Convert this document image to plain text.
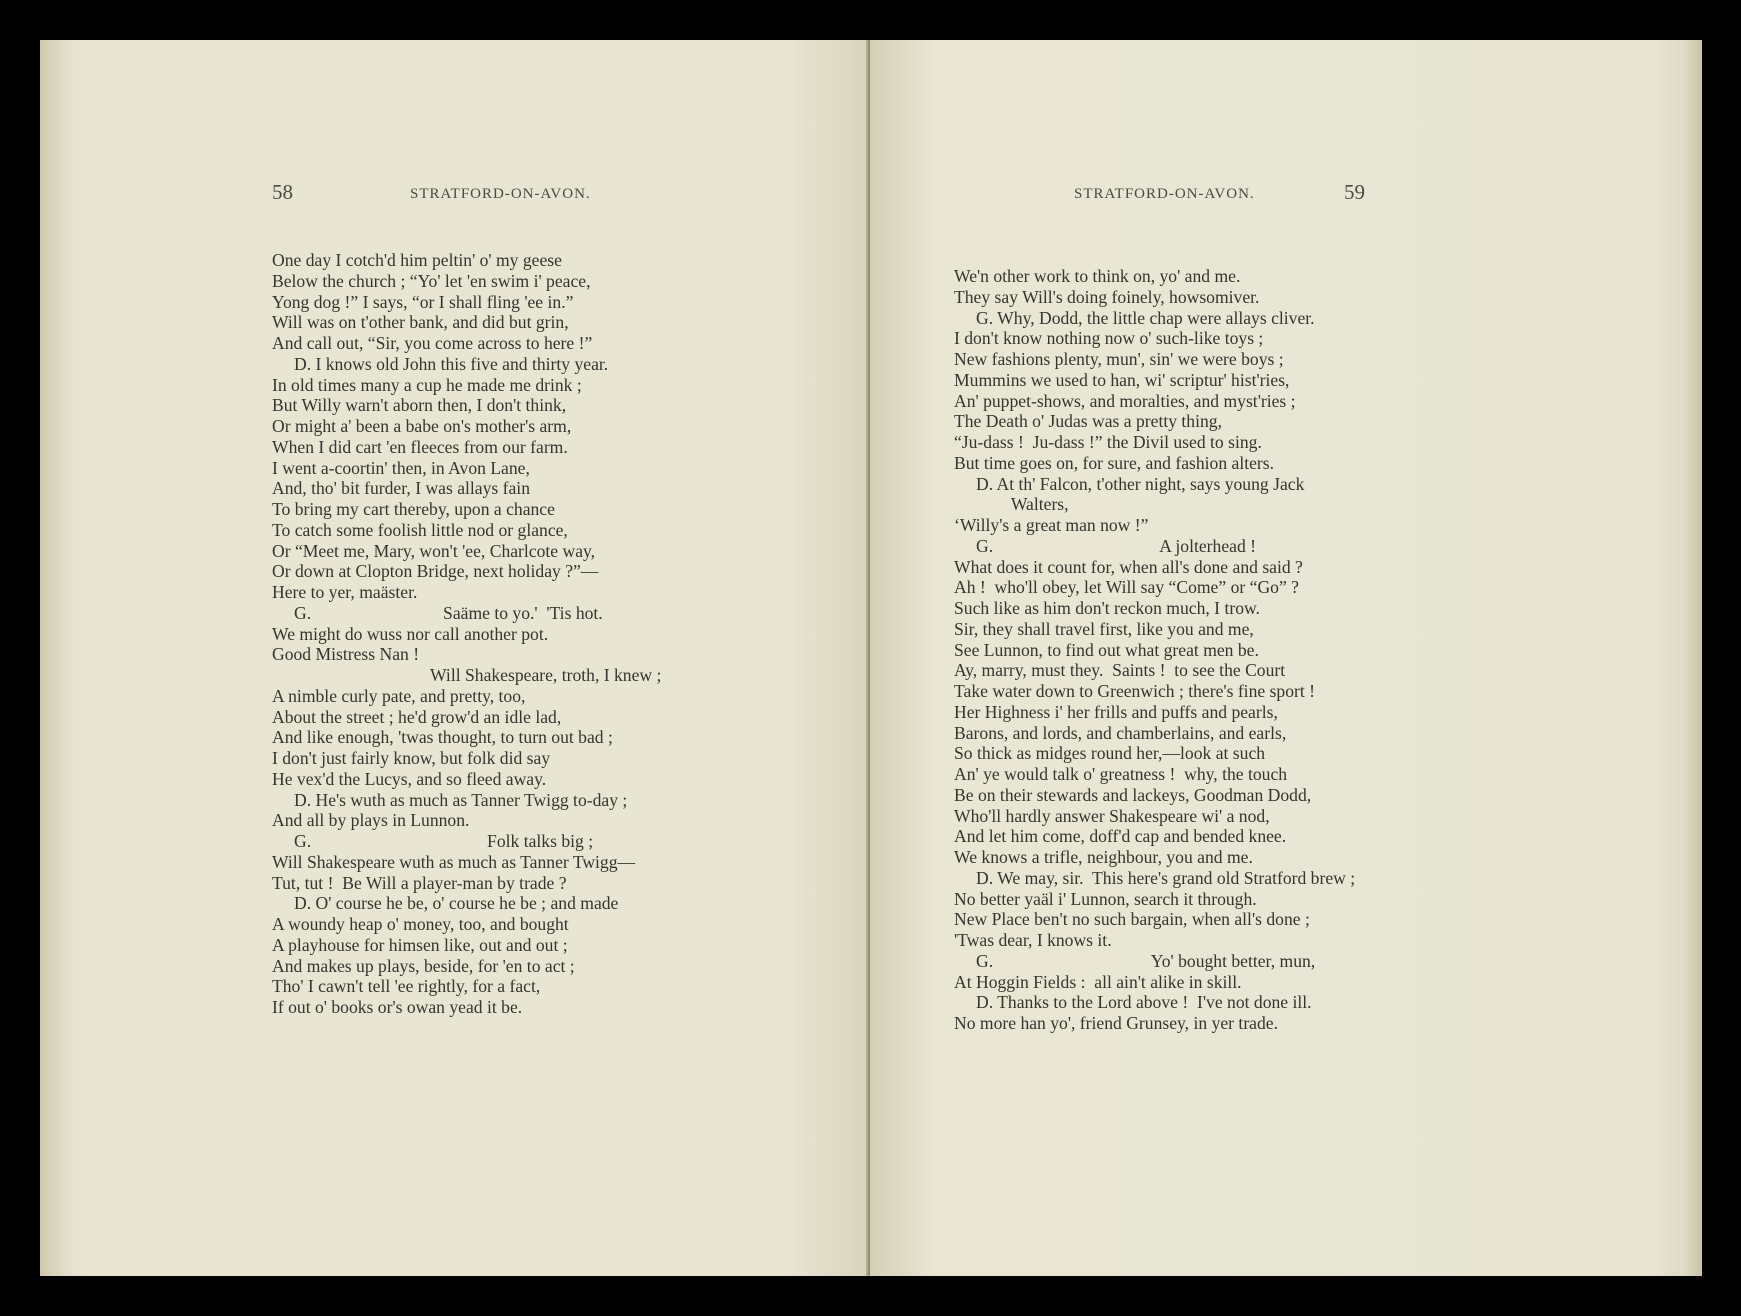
58	STRATFORD-ON-AVON.
One day I cotch'd him peltin' o' my geese
Below the church ; “Yo' let 'en swim i' peace,
Yong dog !” I says, “or I shall fling 'ee in.”
Will was on t'other bank, and did but grin,
And call out, “Sir, you come across to here !”
D. I knows old John this five and thirty year.
In old times many a cup he made me drink ;
But Willy warn't aborn then, I don't think,
Or might a' been a babe on's mother's arm,
When I did cart 'en fleeces from our farm.
I went a-coortin' then, in Avon Lane,
And, tho' bit furder, I was allays fain
To bring my cart thereby, upon a chance
To catch some foolish little nod or glance,
Or “Meet me, Mary, won't 'ee, Charlcote way,
Or down at Clopton Bridge, next holiday ?”—
Here to yer, maäster.
G.                              Saäme to yo.'  'Tis hot.
We might do wuss nor call another pot.
Good Mistress Nan !
Will Shakespeare, troth, I knew ;
A nimble curly pate, and pretty, too,
About the street ; he'd grow'd an idle lad,
And like enough, 'twas thought, to turn out bad ;
I don't just fairly know, but folk did say
He vex'd the Lucys, and so fleed away.
D. He's wuth as much as Tanner Twigg to-day ;
And all by plays in Lunnon.
G.                                        Folk talks big ;
Will Shakespeare wuth as much as Tanner Twigg—
Tut, tut !  Be Will a player-man by trade ?
D. O' course he be, o' course he be ; and made
A woundy heap o' money, too, and bought
A playhouse for himsen like, out and out ;
And makes up plays, beside, for 'en to act ;
Tho' I cawn't tell 'ee rightly, for a fact,
If out o' books or's owan yead it be.
STRATFORD-ON-AVON.	59
We'n other work to think on, yo' and me.
They say Will's doing foinely, howsomiver.
G. Why, Dodd, the little chap were allays cliver.
I don't know nothing now o' such-like toys ;
New fashions plenty, mun', sin' we were boys ;
Mummins we used to han, wi' scriptur' hist'ries,
An' puppet-shows, and moralties, and myst'ries ;
The Death o' Judas was a pretty thing,
“Ju-dass !  Ju-dass !” the Divil used to sing.
But time goes on, for sure, and fashion alters.
D. At th' Falcon, t'other night, says young Jack
Walters,
‘Willy's a great man now !”
G.                                      A jolterhead !
What does it count for, when all's done and said ?
Ah !  who'll obey, let Will say “Come” or “Go” ?
Such like as him don't reckon much, I trow.
Sir, they shall travel first, like you and me,
See Lunnon, to find out what great men be.
Ay, marry, must they.  Saints !  to see the Court
Take water down to Greenwich ; there's fine sport !
Her Highness i' her frills and puffs and pearls,
Barons, and lords, and chamberlains, and earls,
So thick as midges round her,—look at such
An' ye would talk o' greatness !  why, the touch
Be on their stewards and lackeys, Goodman Dodd,
Who'll hardly answer Shakespeare wi' a nod,
And let him come, doff'd cap and bended knee.
We knows a trifle, neighbour, you and me.
D. We may, sir.  This here's grand old Stratford brew ;
No better yaäl i' Lunnon, search it through.
New Place ben't no such bargain, when all's done ;
'Twas dear, I knows it.
G.                                    Yo' bought better, mun,
At Hoggin Fields :  all ain't alike in skill.
D. Thanks to the Lord above !  I've not done ill.
No more han yo', friend Grunsey, in yer trade.
